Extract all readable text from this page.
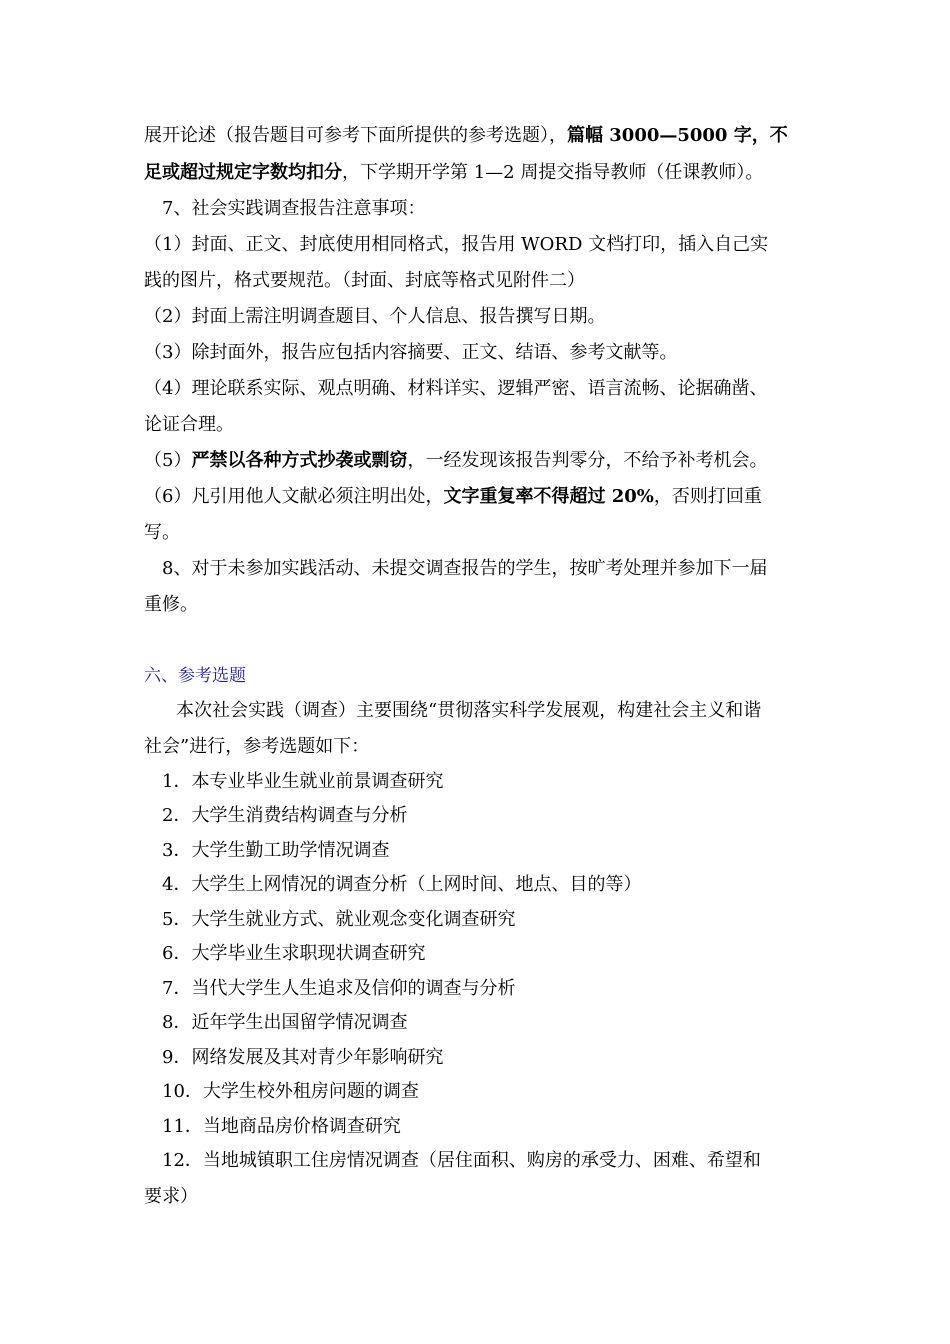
展开论述（报告题目可参考下面所提供的参考选题），篇幅 3000—5000 字，不
足或超过规定字数均扣分，下学期开学第 1—2 周提交指导教师（任课教师）。
7、社会实践调查报告注意事项：
（1）封面、正文、封底使用相同格式，报告用 WORD 文档打印，插入自己实
践的图片，格式要规范。（封面、封底等格式见附件二）
（2）封面上需注明调查题目、个人信息、报告撰写日期。
（3）除封面外，报告应包括内容摘要、正文、结语、参考文献等。
（4）理论联系实际、观点明确、材料详实、逻辑严密、语言流畅、论据确凿、
论证合理。
（5）严禁以各种方式抄袭或剽窃，一经发现该报告判零分，不给予补考机会。
（6）凡引用他人文献必须注明出处，文字重复率不得超过 20%，否则打回重
写。
8、对于未参加实践活动、未提交调查报告的学生，按旷考处理并参加下一届
重修。
六、参考选题
本次社会实践（调查）主要围绕“贯彻落实科学发展观，构建社会主义和谐
社会”进行，参考选题如下：
1．本专业毕业生就业前景调查研究
2．大学生消费结构调查与分析
3．大学生勤工助学情况调查
4．大学生上网情况的调查分析（上网时间、地点、目的等）
5．大学生就业方式、就业观念变化调查研究
6．大学毕业生求职现状调查研究
7．当代大学生人生追求及信仰的调查与分析
8．近年学生出国留学情况调查
9．网络发展及其对青少年影响研究
10．大学生校外租房问题的调查
11．当地商品房价格调查研究
12．当地城镇职工住房情况调查（居住面积、购房的承受力、困难、希望和
要求）
